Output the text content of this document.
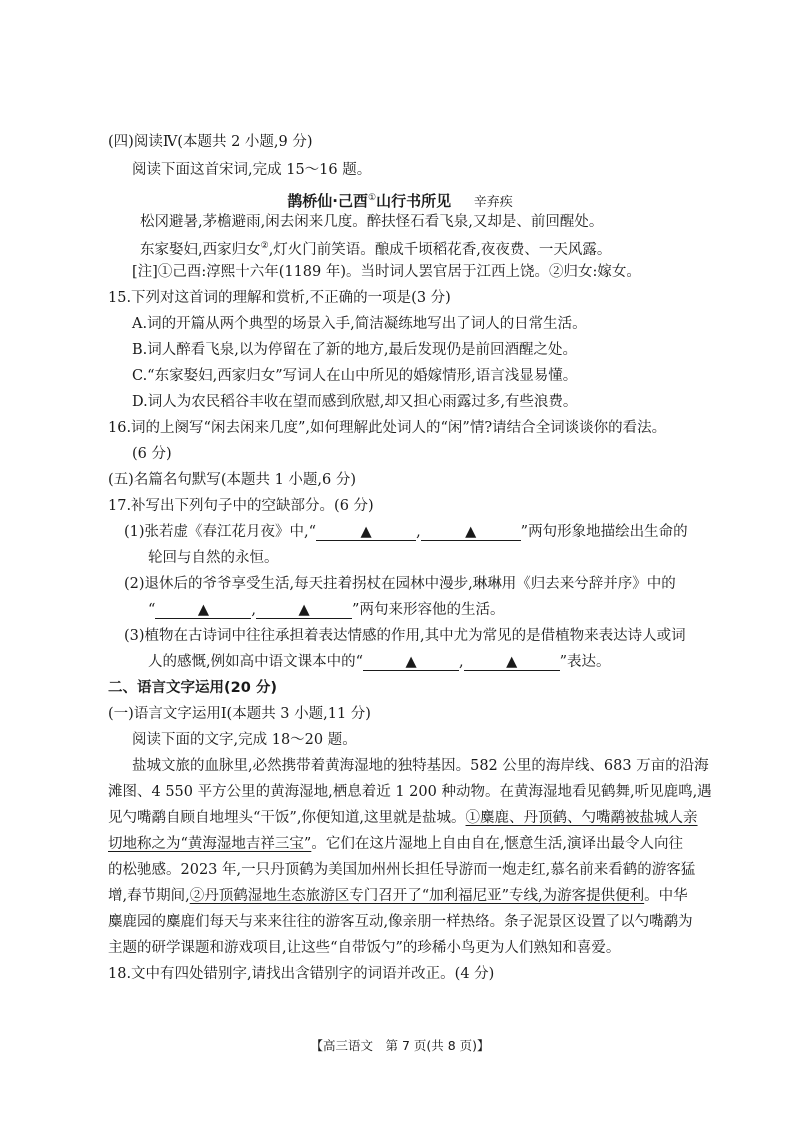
(四)阅读Ⅳ(本题共 2 小题,9 分)
阅读下面这首宋词,完成 15～16 题。
鹊桥仙·己酉①山行书所见 辛弃疾
松冈避暑,茅檐避雨,闲去闲来几度。醉扶怪石看飞泉,又却是、前回醒处。
东家娶妇,西家归女②,灯火门前笑语。酿成千顷稻花香,夜夜费、一天风露。
[注]①己酉:淳熙十六年(1189 年)。当时词人罢官居于江西上饶。②归女:嫁女。
15.下列对这首词的理解和赏析,不正确的一项是(3 分)
A.词的开篇从两个典型的场景入手,简洁凝练地写出了词人的日常生活。
B.词人醉看飞泉,以为停留在了新的地方,最后发现仍是前回酒醒之处。
C.“东家娶妇,西家归女”写词人在山中所见的婚嫁情形,语言浅显易懂。
D.词人为农民稻谷丰收在望而感到欣慰,却又担心雨露过多,有些浪费。
16.词的上阕写“闲去闲来几度”,如何理解此处词人的“闲”情?请结合全词谈谈你的看法。
(6 分)
(五)名篇名句默写(本题共 1 小题,6 分)
17.补写出下列句子中的空缺部分。(6 分)
(1)张若虚《春江花月夜》中,“	▲	,	▲	”两句形象地描绘出生命的
轮回与自然的永恒。
(2)退休后的爷爷享受生活,每天拄着拐杖在园林中漫步,琳琳用《归去来兮辞并序》中的
“	▲	,	▲	”两句来形容他的生活。
(3)植物在古诗词中往往承担着表达情感的作用,其中尤为常见的是借植物来表达诗人或词
人的感慨,例如高中语文课本中的“	▲	,	▲	”表达。
二、语言文字运用(20 分)
(一)语言文字运用Ⅰ(本题共 3 小题,11 分)
阅读下面的文字,完成 18～20 题。
盐城文旅的血脉里,必然携带着黄海湿地的独特基因。582 公里的海岸线、683 万亩的沿海
滩图、4 550 平方公里的黄海湿地,栖息着近 1 200 种动物。在黄海湿地看见鹤舞,听见鹿鸣,遇
见勺嘴鹬自顾自地埋头“干饭”,你便知道,这里就是盐城。①麋鹿、丹顶鹤、勺嘴鹬被盐城人亲
切地称之为“黄海湿地吉祥三宝”。它们在这片湿地上自由自在,惬意生活,演译出最令人向往
的松驰感。2023 年,一只丹顶鹤为美国加州州长担任导游而一炮走红,慕名前来看鹤的游客猛
增,春节期间,②丹顶鹤湿地生态旅游区专门召开了“加利福尼亚”专线,为游客提供便利。中华
麋鹿园的麋鹿们每天与来来往往的游客互动,像亲朋一样热络。条子泥景区设置了以勺嘴鹬为
主题的研学课题和游戏项目,让这些“自带饭勺”的珍稀小鸟更为人们熟知和喜爱。
18.文中有四处错别字,请找出含错别字的词语并改正。(4 分)
【高三语文　第 7 页(共 8 页)】
